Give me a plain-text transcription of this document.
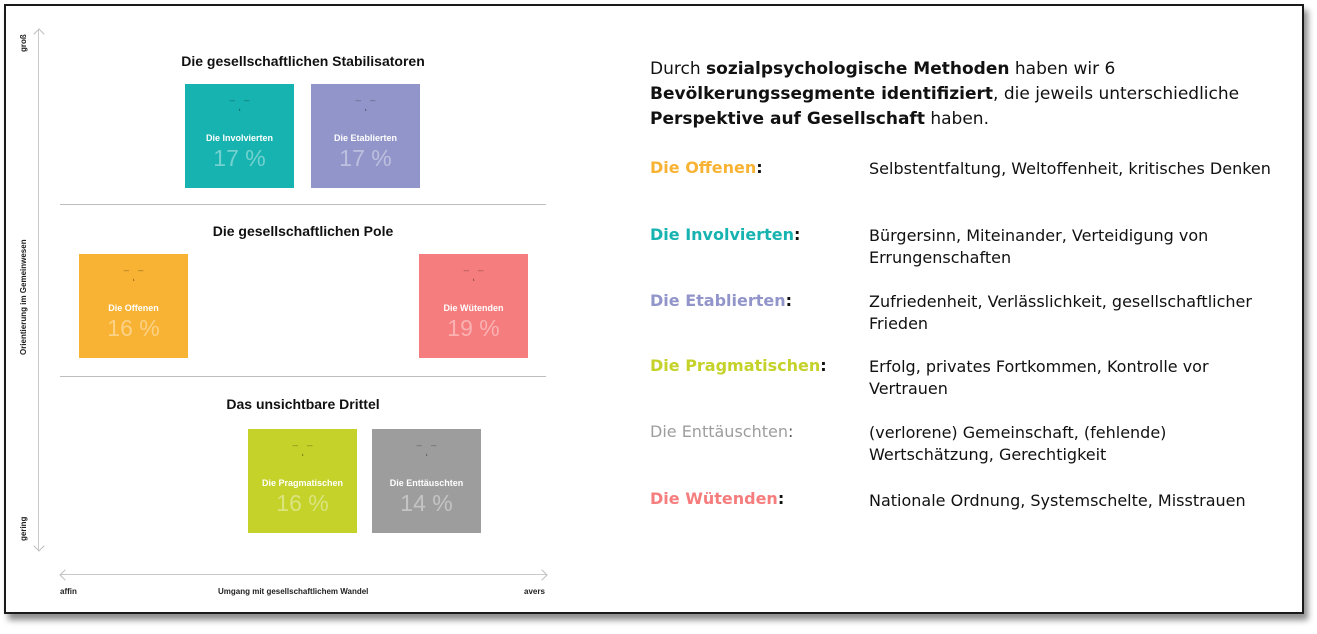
groß
Orientierung im Gemeinwesen
gering
affin	Umgang mit gesellschaftlichem Wandel	avers
Die gesellschaftlichen Stabilisatoren
Die gesellschaftlichen Pole
Das unsichtbare Drittel
⁻ͺ⁻
Die Involvierten
17 %
⁻ͺ⁻
Die Etablierten
17 %
⁻ͺ⁻
Die Offenen
16 %
⁻ͺ⁻
Die Wütenden
19 %
⁻ͺ⁻
Die Pragmatischen
16 %
⁻ͺ⁻
Die Enttäuschten
14 %
Durch sozialpsychologische Methoden haben wir 6 Bevölkerungssegmente identifiziert, die jeweils unterschiedliche Perspektive auf Gesellschaft haben.
Die Offenen:	Selbstentfaltung, Weltoffenheit, kritisches Denken
Die Involvierten:	Bürgersinn, Miteinander, Verteidigung von Errungenschaften
Die Etablierten:	Zufriedenheit, Verlässlichkeit, gesellschaftlicher Frieden
Die Pragmatischen:	Erfolg, privates Fortkommen, Kontrolle vor Vertrauen
Die Enttäuschten:	(verlorene) Gemeinschaft, (fehlende) Wertschätzung, Gerechtigkeit
Die Wütenden:	Nationale Ordnung, Systemschelte, Misstrauen
